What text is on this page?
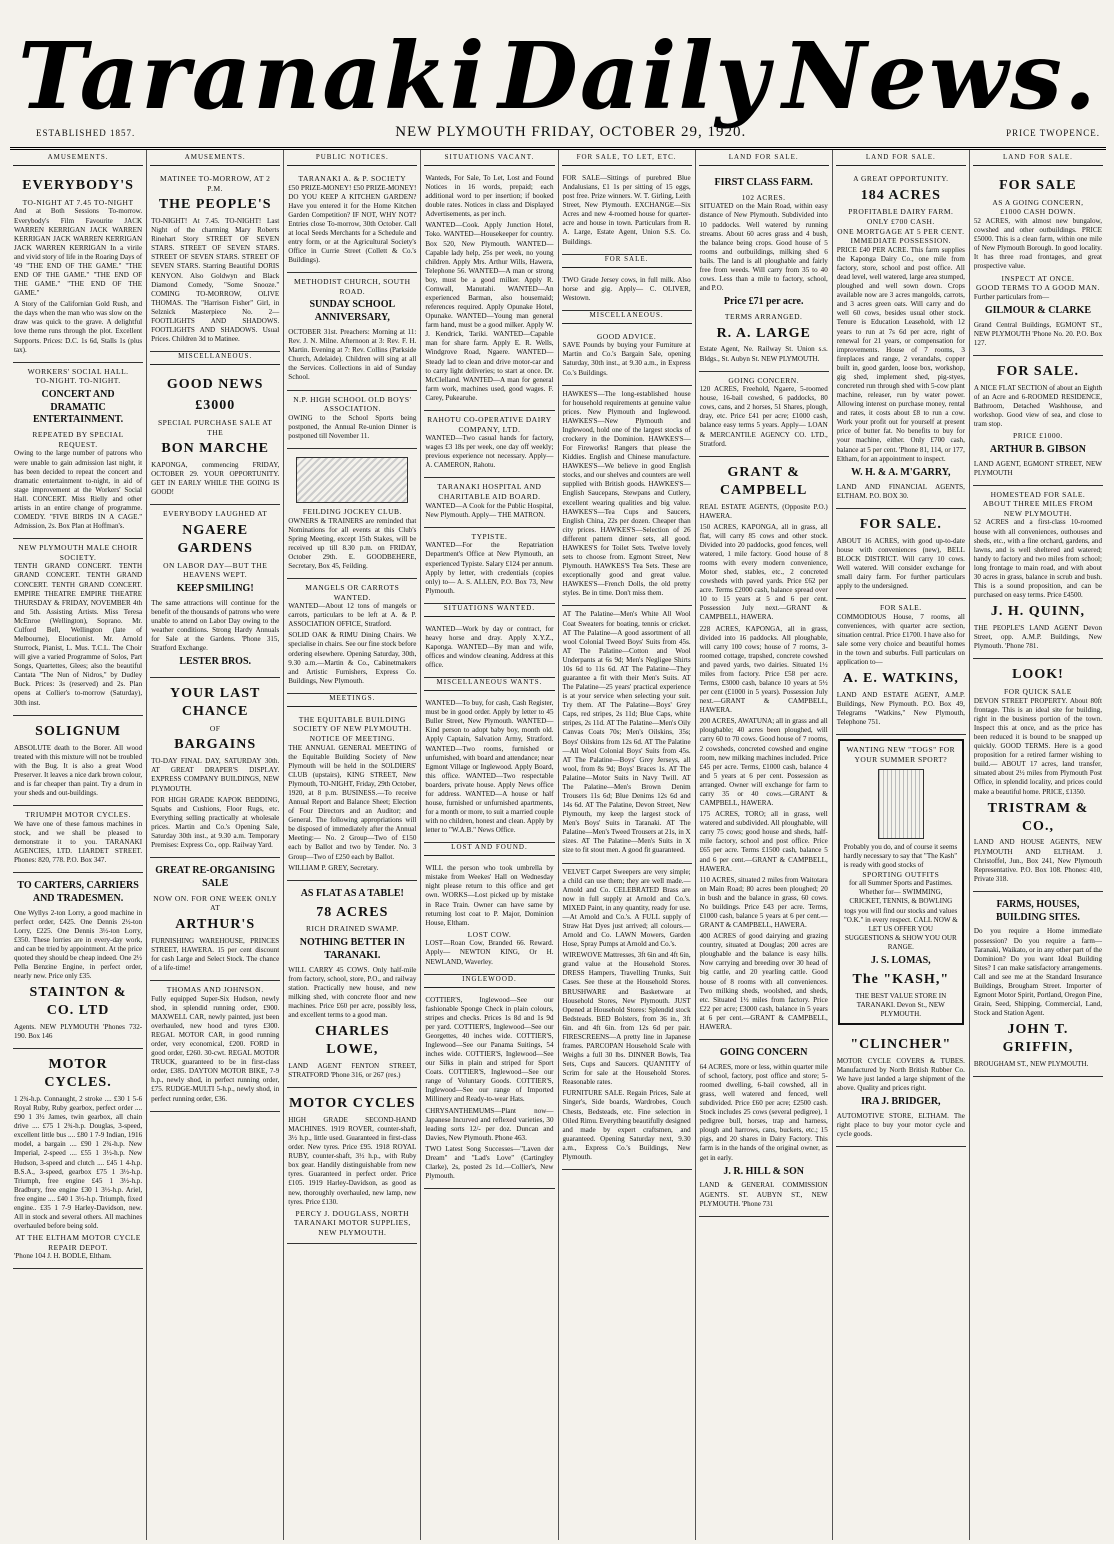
Taranaki Daily News.
ESTABLISHED 1857.	NEW PLYMOUTH FRIDAY, OCTOBER 29, 1920.	PRICE TWOPENCE.
AMUSEMENTS.
EVERYBODY'S
TO-NIGHT AT 7.45 TO-NIGHT

And at Both Sessions To-morrow. Everybody's Film Favourite JACK WARREN KERRIGAN JACK WARREN KERRIGAN JACK WARREN KERRIGAN JACK WARREN KERRIGAN In a virile and vivid story of life in the Roaring Days of '49 "THE END OF THE GAME." "THE END OF THE GAME." "THE END OF THE GAME." "THE END OF THE GAME."

A Story of the Californian Gold Rush, and the days when the man who was slow on the draw was quick to the grave. A delightful love theme runs through the plot. Excellent Supports. Prices: D.C. 1s 6d, Stalls 1s (plus tax).

WORKERS' SOCIAL HALL.
TO-NIGHT. TO-NIGHT.
CONCERT AND DRAMATIC ENTERTAINMENT.
REPEATED BY SPECIAL REQUEST.

Owing to the large number of patrons who were unable to gain admission last night, it has been decided to repeat the concert and dramatic entertainment to-night, in aid of stage improvement at the Workers' Social Hall. CONCERT. Miss Rielly and other artists in an entire change of programme. COMEDY. "FIVE BIRDS IN A CAGE." Admission, 2s. Box Plan at Hoffman's.

NEW PLYMOUTH MALE CHOIR SOCIETY.

TENTH GRAND CONCERT. TENTH GRAND CONCERT. TENTH GRAND CONCERT. TENTH GRAND CONCERT. EMPIRE THEATRE EMPIRE THEATRE THURSDAY & FRIDAY, NOVEMBER 4th and 5th. Assisting Artists. Miss Teresa McEnroe (Wellington), Soprano. Mr. Culford Bell, Wellington (late of Melbourne), Elocutionist. Mr. Arnold Sturrock, Pianist, L. Mus. T.C.L. The Choir will give a varied Programme of Solos, Part Songs, Quartettes, Glees; also the beautiful Cantata "The Nun of Nidros," by Dudley Buck. Prices: 3s (reserved) and 2s. Plan opens at Collier's to-morrow (Saturday), 30th inst.

SOLIGNUM

ABSOLUTE death to the Borer. All wood treated with this mixture will not be troubled with the Bug. It is also a great Wood Preserver. It leaves a nice dark brown colour, and is far cheaper than paint. Try a drum in your sheds and out-buildings.

TRIUMPH MOTOR CYCLES.

We have one of these famous machines in stock, and we shall be pleased to demonstrate it to you. TARANAKI AGENCIES, LTD. LIARDET STREET. Phones: 820, 778. P.O. Box 347.

TO CARTERS, CARRIERS AND TRADESMEN.

One Wyllys 2-ton Lorry, a good machine in perfect order, £425. One Dennis 2½-ton Lorry, £225. One Dennis 3½-ton Lorry, £350. These lorries are in every-day work, and can be tried by appointment. At the price quoted they should be cheap indeed. One 2½ Pella Benzine Engine, in perfect order, nearly new. Price only £35.

STAINTON & CO. LTD

Agents. NEW PLYMOUTH 'Phones 732-190. Box 146

MOTOR CYCLES.

1 2¾-h.p. Connaught, 2 stroke .... £30 1 5-6 Royal Ruby, Ruby gearbox, perfect order .... £90 1 3½ James, twin gearbox, all chain drive .... £75 1 2¾-h.p. Douglas, 3-speed, excellent little bus .... £80 1 7-9 Indian, 1916 model, a bargain .... £90 1 2¾-h.p. New Imperial, 2-speed .... £55 1 3½-h.p. New Hudson, 3-speed and clutch .... £45 1 4-h.p. B.S.A., 3-speed, gearbox £75 1 3½-h.p. Triumph, free engine £45 1 3½-h.p. Bradbury, free engine £30 1 3½-h.p. Ariel, free engine .... £40 1 3½-h.p. Triumph, fixed engine.. £35 1 7-9 Harley-Davidson, new. All in stock and several others. All machines overhauled before being sold.

AT THE ELTHAM MOTOR CYCLE REPAIR DEPOT.

'Phone 104 J. H. BODLE, Eltham.

AMUSEMENTS.
MATINEE TO-MORROW, AT 2 P.M.
THE PEOPLE'S

TO-NIGHT! At 7.45. TO-NIGHT! Last Night of the charming Mary Roberts Rinehart Story STREET OF SEVEN STARS. STREET OF SEVEN STARS. STREET OF SEVEN STARS. STREET OF SEVEN STARS. Starring Beautiful DORIS KENYON. Also Goldwyn and Black Diamond Comedy, "Some Snooze." COMING TO-MORROW, OLIVE THOMAS. The "Harrison Fisher" Girl, in Selznick Masterpiece No. 2— FOOTLIGHTS AND SHADOWS. FOOTLIGHTS AND SHADOWS. Usual Prices. Children 3d to Matinee.

MISCELLANEOUS.
GOOD NEWS
£3000
SPECIAL PURCHASE SALE AT THE
BON MARCHE

KAPONGA, commencing FRIDAY, OCTOBER 29. YOUR OPPORTUNITY. GET IN EARLY WHILE THE GOING IS GOOD!

EVERYBODY LAUGHED AT
NGAERE GARDENS
ON LABOR DAY—BUT THE HEAVENS WEPT.
KEEP SMILING!

The same attractions will continue for the benefit of the thousands of patrons who were unable to attend on Labor Day owing to the weather conditions. Strong Hardy Annuals for Sale at the Gardens. 'Phone 315, Stratford Exchange.

LESTER BROS.
YOUR LAST CHANCE
OF
BARGAINS

TO-DAY FINAL DAY, SATURDAY 30th. AT GREAT DRAPER'S DISPLAY. EXPRESS COMPANY BUILDINGS, NEW PLYMOUTH.

FOR HIGH GRADE KAPOK BEDDING, Squabs and Cushions, Floor Rugs, etc. Everything selling practically at wholesale prices. Martin and Co.'s Opening Sale, Saturday 30th inst., at 9.30 a.m. Temporary Premises: Express Co., opp. Railway Yard.

GREAT RE-ORGANISING SALE
NOW ON. FOR ONE WEEK ONLY AT
ARTHUR'S

FURNISHING WAREHOUSE, PRINCES STREET, HAWERA. 15 per cent discount for cash Large and Select Stock. The chance of a life-time!

THOMAS AND JOHNSON.

Fully equipped Super-Six Hudson, newly shod, in splendid running order, £900. MAXWELL CAR, newly painted, just been overhauled, new hood and tyres £300. REGAL MOTOR CAR, in good running order, very economical, £200. FORD in good order, £260. 30-cwt. REGAL MOTOR TRUCK, guaranteed to be in first-class order, £385. DAYTON MOTOR BIKE, 7-9 h.p., newly shod, in perfect running order, £75. RUDGE-MULTI 5-h.p., newly shod, in perfect running order, £36.

PUBLIC NOTICES.
TARANAKI A. & P. SOCIETY

£50 PRIZE-MONEY! £50 PRIZE-MONEY! DO YOU KEEP A KITCHEN GARDEN? Have you entered it for the Home Kitchen Garden Competition? IF NOT, WHY NOT? Entries close To-morrow, 30th October. Call at local Seeds Merchants for a Schedule and entry form, or at the Agricultural Society's Office in Currie Street (Collett & Co.'s Buildings).

METHODIST CHURCH, SOUTH ROAD.
SUNDAY SCHOOL ANNIVERSARY,

OCTOBER 31st. Preachers: Morning at 11: Rev. J. N. Milne. Afternoon at 3: Rev. F. H. Martin. Evening at 7: Rev. Collins (Parkside Church, Adelaide). Children will sing at all the Services. Collections in aid of Sunday School.

N.P. HIGH SCHOOL OLD BOYS' ASSOCIATION.

OWING to the School Sports being postponed, the Annual Re-union Dinner is postponed till November 11.

FEILDING JOCKEY CLUB.

OWNERS & TRAINERS are reminded that Nominations for all events at this Club's Spring Meeting, except 15th Stakes, will be received up till 8.30 p.m. on FRIDAY, October 29th. E. GOODBEHERE, Secretary, Box 45, Feilding.

MANGELS OR CARROTS WANTED.

WANTED—About 12 tons of mangels or carrots, particulars to be left at A. & P. ASSOCIATION OFFICE, Stratford.

SOLID OAK & RIMU Dining Chairs. We specialise in chairs. See our fine stock before ordering elsewhere. Opening Saturday, 30th, 9.30 a.m.—Martin & Co., Cabinetmakers and Artistic Furnishers, Express Co. Buildings, New Plymouth.

MEETINGS.
THE EQUITABLE BUILDING SOCIETY OF NEW PLYMOUTH.
NOTICE OF MEETING.

THE ANNUAL GENERAL MEETING of the Equitable Building Society of New Plymouth will be held in the SOLDIERS' CLUB (upstairs), KING STREET, New Plymouth, TO-NIGHT, Friday, 29th October, 1920, at 8 p.m. BUSINESS.—To receive Annual Report and Balance Sheet; Election of Four Directors and an Auditor; and General. The following appropriations will be disposed of immediately after the Annual Meeting:— No. 2 Group—Two of £150 each by Ballot and two by Tender. No. 3 Group—Two of £250 each by Ballot.

WILLIAM P. GREY, Secretary.

AS FLAT AS A TABLE!
78 ACRES
RICH DRAINED SWAMP.
NOTHING BETTER IN TARANAKI.

WILL CARRY 45 COWS. Only half-mile from factory, school, store, P.O., and railway station. Practically new house, and new milking shed, with concrete floor and new machines. Price £60 per acre, possibly less, and excellent terms to a good man.

CHARLES LOWE,

LAND AGENT FENTON STREET, STRATFORD 'Phone 316, or 267 (res.)

MOTOR CYCLES

HIGH GRADE SECOND-HAND MACHINES. 1919 ROVER, counter-shaft, 3½ h.p., little used. Guaranteed in first-class order. New tyres. Price £95. 1918 ROYAL RUBY, counter-shaft, 3½ h.p., with Ruby box gear. Handily distinguishable from new tyres. Guaranteed in perfect order. Price £105. 1919 Harley-Davidson, as good as new, thoroughly overhauled, new lamp, new tyres. Price £130.

PERCY J. DOUGLASS, NORTH TARANAKI MOTOR SUPPLIES, NEW PLYMOUTH.
SITUATIONS VACANT.

Wanteds, For Sale, To Let, Lost and Found Notices in 16 words, prepaid; each additional word to per insertion; if booked double rates. Notices in class and Displayed Advertisements, as per inch.

WANTED—Cook. Apply Junction Hotel, Toko. WANTED—Housekeeper for country. Box 520, New Plymouth. WANTED—Capable lady help, 25s per week, no young children. Apply Mrs. Arthur Wills, Hawera, Telephone 56. WANTED—A man or strong boy, must be a good milker. Apply R. Cornwall, Manutahi. WANTED—An experienced Barman, also housemaid; references required. Apply Opunake Hotel, Opunake. WANTED—Young man general farm hand, must be a good milker. Apply W. J. Kendrick, Tariki. WANTED—Capable man for share farm. Apply E. R. Wells, Windgrove Road, Ngaere. WANTED—Steady lad to clean and drive motor-car and to carry light deliveries; to start at once. Dr. McClelland. WANTED—A man for general farm work, machines used, good wages. F. Carey, Pukearuhe.

RAHOTU CO-OPERATIVE DAIRY COMPANY, LTD.

WANTED—Two casual hands for factory, wages £3 18s per week, one day off weekly; previous experience not necessary. Apply— A. CAMERON, Rahotu.

TARANAKI HOSPITAL AND CHARITABLE AID BOARD.

WANTED—A Cook for the Public Hospital, New Plymouth. Apply— THE MATRON.

TYPISTE.

WANTED—For the Repatriation Department's Office at New Plymouth, an experienced Typiste. Salary £124 per annum. Apply by letter, with credentials (copies only) to— A. S. ALLEN, P.O. Box 73, New Plymouth.

SITUATIONS WANTED.

WANTED—Work by day or contract, for heavy horse and dray. Apply X.Y.Z., Kaponga. WANTED—By man and wife, offices and window cleaning. Address at this office.

MISCELLANEOUS WANTS.

WANTED—To buy, for cash, Cash Register, must be in good order. Apply by letter to 45 Buller Street, New Plymouth. WANTED—Kind person to adopt baby boy, month old. Apply Captain, Salvation Army, Stratford. WANTED—Two rooms, furnished or unfurnished, with board and attendance; near Egmont Village or Inglewood. Apply Board, this office. WANTED—Two respectable boarders, private house. Apply News office for address. WANTED—A house or half house, furnished or unfurnished apartments, for a month or more, to suit a married couple with no children, honest and clean. Apply by letter to "W.A.B." News Office.

LOST AND FOUND.

WILL the person who took umbrella by mistake from Weekes' Hall on Wednesday night please return to this office and get own. WORKS—Lost picked up by mistake in Race Train. Owner can have same by returning lost coat to P. Major, Dominion House, Eltham.

LOST COW.

LOST—Roan Cow, Branded 66. Reward. Apply— NEWTON KING, Or H. NEWLAND, Waverley.

INGLEWOOD.

COTTIER'S, Inglewood—See our fashionable Sponge Check in plain colours, stripes and checks. Prices 1s 8d and 1s 9d per yard. COTTIER'S, Inglewood—See our Georgettes, 40 inches wide. COTTIER'S, Inglewood—See our Panama Suitings, 54 inches wide. COTTIER'S, Inglewood—See our Silks in plain and striped for Sport Coats. COTTIER'S, Inglewood—See our range of Voluntary Goods. COTTIER'S, Inglewood—See our range of Imported Millinery and Ready-to-wear Hats.

CHRYSANTHEMUMS—Plant now—Japanese Incurved and reflexed varieties, 30 leading sorts 12/- per doz. Duncan and Davies, New Plymouth. Phone 463.

TWO Latest Song Successes—"Laven der Dream" and "Lad's Love" (Cartingley Clarke), 2s, posted 2s 1d.—Collier's, New Plymouth.

FOR SALE, TO LET, ETC.

FOR SALE—Sittings of purebred Blue Andalusians, £1 1s per sitting of 15 eggs, post free. Prize winners. W. T. Girling, Leith Street, New Plymouth. EXCHANGE—Six Acres and new 4-roomed house for quarter-acre and house in town. Particulars from R. A. Large, Estate Agent, Union S.S. Co. Buildings.

FOR SALE.

TWO Grade Jersey cows, in full milk. Also horse and gig. Apply— C. OLIVER, Westown.

MISCELLANEOUS.
GOOD ADVICE.

SAVE Pounds by buying your Furniture at Martin and Co.'s Bargain Sale, opening Saturday, 30th inst., at 9.30 a.m., in Express Co.'s Buildings.

HAWKES'S—The long-established house for household requirements at genuine value prices. New Plymouth and Inglewood. HAWKES'S—New Plymouth and Inglewood, hold one of the largest stocks of crockery in the Dominion. HAWKES'S—For Fireworks! Rangers that please the Kiddies. English and Chinese manufacture. HAWKES'S—We believe in good English stocks, and our shelves and counters are well supplied with British goods. HAWKES'S—English Saucepans, Stewpans and Cutlery, excellent wearing qualities and big value. HAWKES'S—Tea Cups and Saucers, English China, 22s per dozen. Cheaper than city prices. HAWKES'S—Selection of 26 different pattern dinner sets, all good. HAWKES'S for Toilet Sets. Twelve lovely sets to choose from. Egmont Street, New Plymouth. HAWKES'S Tea Sets. These are exceptionally good and great value. HAWKES'S—French Dolls, the old pretty styles. Be in time. Don't miss them.

AT The Palatine—Men's White All Wool Coat Sweaters for boating, tennis or cricket. AT The Palatine—A good assortment of all wool Colonial Tweed Boys' Suits from 45s. AT The Palatine—Cotton and Wool Underpants at 6s 9d; Men's Negligee Shirts 10s 6d to 11s 6d. AT The Palatine—They guarantee a fit with their Men's Suits. AT The Palatine—25 years' practical experience is at your service when selecting your suit. Try them. AT The Palatine—Boys' Grey Caps, red stripes, 2s 11d; Blue Caps, white stripes, 2s 11d. AT The Palatine—Men's Oily Canvas Coats 70s; Men's Oilskins, 35s; Boys' Oilskins from 12s 6d. AT The Palatine—All Wool Colonial Boys' Suits from 45s. AT The Palatine—Boys' Grey Jerseys, all wool, from 8s 9d; Boys' Braces 1s. AT The Palatine—Motor Suits in Navy Twill. AT The Palatine—Men's Brown Denim Trousers 11s 6d; Blue Denims 12s 6d and 14s 6d. AT The Palatine, Devon Street, New Plymouth, my keep the largest stock of Men's Boys' Suits in Taranaki. AT The Palatine—Men's Tweed Trousers at 21s, in X sizes. AT The Palatine—Men's Suits in X size to fit stout men. A good fit guaranteed.

VELVET Carpet Sweepers are very simple; a child can use them; they are well made.—Arnold and Co. CELEBRATED Brass are now in full supply at Arnold and Co.'s. MIXED Paint, in any quantity, ready for use.—At Arnold and Co.'s. A FULL supply of Straw Hat Dyes just arrived; all colours.—Arnold and Co. LAWN Mowers, Garden Hose, Spray Pumps at Arnold and Co.'s.

WIREWOVE Mattresses, 3ft 6in and 4ft 6in, grand value at the Household Stores. DRESS Hampers, Travelling Trunks, Suit Cases. See these at the Household Stores. BRUSHWARE and Basketware at Household Stores, New Plymouth. JUST Opened at Household Stores: Splendid stock Bedsteads. BED Bolsters, from 36 in., 3ft 6in. and 4ft 6in. from 12s 6d per pair. FIRESCREENS—A pretty line in Japanese frames. PARCOPAN Household Scale with Weighs a full 30 lbs. DINNER Bowls, Tea Sets, Cups and Saucers. QUANTITY of Scrim for sale at the Household Stores. Reasonable rates.

FURNITURE SALE. Regain Prices, Sale at Singer's, Side boards, Wardrobes, Couch Chests, Bedsteads, etc. Fine selection in Oiled Rimu. Everything beautifully designed and made by expert craftsmen, and guaranteed. Opening Saturday next, 9.30 a.m., Express Co.'s Buildings, New Plymouth.

LAND FOR SALE.
FIRST CLASS FARM.
102 ACRES.

SITUATED on the Main Road, within easy distance of New Plymouth. Subdivided into 10 paddocks. Well watered by running streams. About 60 acres grass and 4 bush, the balance being crops. Good house of 5 rooms and outbuildings, milking shed 6 bails. The land is all ploughable and fairly free from weeds. Will carry from 35 to 40 cows. Less than a mile to factory, school, and P.O.

Price £71 per acre.
TERMS ARRANGED.
R. A. LARGE

Estate Agent, Ne. Railway St. Union s.s. Bldgs., St. Aubyn St. NEW PLYMOUTH.

GOING CONCERN.

120 ACRES, Freehold, Ngaere, 5-roomed house, 16-bail cowshed, 6 paddocks, 80 cows, cans, and 2 horses, 51 Shares, plough, dray, etc. Price £41 per acre; £1000 cash, balance easy terms 5 years. Apply— LOAN & MERCANTILE AGENCY CO. LTD., Stratford.

GRANT & CAMPBELL

REAL ESTATE AGENTS, (Opposite P.O.) HAWERA.

150 ACRES, KAPONGA, all in grass, all flat, will carry 85 cows and other stock. Divided into 20 paddocks, good fences, well watered, 1 mile factory. Good house of 8 rooms with every modern convenience, Motor shed, stables, etc., 2 concreted cowsheds with paved yards. Price £62 per acre. Terms £2000 cash, balance spread over 10 to 15 years at 5 and 6 per cent. Possession July next.—GRANT & CAMPBELL, HAWERA.

228 ACRES, KAPONGA, all in grass, divided into 16 paddocks. All ploughable, will carry 100 cows; house of 7 rooms, 3-roomed cottage, trapshed, concrete cowshed and paved yards, two dairies. Situated 1½ miles from factory. Price £58 per acre. Terms, £3000 cash, balance 10 years at 5½ per cent (£1000 in 5 years). Possession July next.—GRANT & CAMPBELL, HAWERA.

200 ACRES, AWATUNA; all in grass and all ploughable; 40 acres been ploughed, will carry 60 to 70 cows. Good house of 7 rooms, 2 cowsheds, concreted cowshed and engine room, new milking machines included. Price £45 per acre. Terms, £1000 cash, balance 4 and 5 years at 6 per cent. Possession as arranged. Owner will exchange for farm to carry 35 or 40 cows.—GRANT & CAMPBELL, HAWERA.

175 ACRES, TORO; all in grass, well watered and subdivided. All ploughable, will carry 75 cows; good house and sheds, half-mile factory, school and post office. Price £65 per acre. Terms £1500 cash, balance 5 and 6 per cent.—GRANT & CAMPBELL, HAWERA.

110 ACRES, situated 2 miles from Waitotara on Main Road; 80 acres been ploughed; 20 in bush and the balance in grass, 60 cows. No buildings. Price £43 per acre. Terms, £1000 cash, balance 5 years at 6 per cent.—GRANT & CAMPBELL, HAWERA.

400 ACRES of good dairying and grazing country, situated at Douglas; 200 acres are ploughable and the balance is easy hills. Now carrying and breeding over 30 head of big cattle, and 20 yearling cattle. Good house of 8 rooms with all conveniences. Two milking sheds, woolshed, and sheds, etc. Situated 1½ miles from factory. Price £22 per acre; £3000 cash, balance in 5 years at 6 per cent.—GRANT & CAMPBELL, HAWERA.

GOING CONCERN

64 ACRES, more or less, within quarter mile of school, factory, post office and store; 5-roomed dwelling, 6-bail cowshed, all in grass, well watered and fenced, well subdivided. Price £60 per acre; £2500 cash. Stock includes 25 cows (several pedigree), 1 pedigree bull, horses, trap and harness, plough and harrows, cans, buckets, etc.; 15 pigs, and 20 shares in Dairy Factory. This farm is in the hands of the original owner, as get in early.

J. R. HILL & SON

LAND & GENERAL COMMISSION AGENTS. ST. AUBYN ST., NEW PLYMOUTH. 'Phone 731

LAND FOR SALE.
A GREAT OPPORTUNITY.
184 ACRES
PROFITABLE DAIRY FARM. ONLY £700 CASH.
ONE MORTGAGE AT 5 PER CENT. IMMEDIATE POSSESSION.

PRICE £40 PER ACRE. This farm supplies the Kaponga Dairy Co., one mile from factory, store, school and post office. All dead level, well watered, large area stumped, ploughed and well sown down. Crops available now are 3 acres mangolds, carrots, and 3 acres green oats. Will carry and do well 60 cows, besides usual other stock. Tenure is Education Leasehold, with 12 years to run at 7s 6d per acre, right of renewal for 21 years, or compensation for improvements. House of 7 rooms, 3 fireplaces and range, 2 verandahs, copper built in, good garden, loose box, workshop, gig shed, implement shed, pig-styes, concreted run through shed with 5-cow plant machine, releaser, run by water power. Allowing interest on purchase money, rental and rates, it costs about £8 to run a cow. Work your profit out for yourself at present price of butter fat. No benefits to buy for your machine, either. Only £700 cash, balance at 5 per cent. 'Phone 81, 114, or 177, Eltham, for an appointment to inspect.

W. H. & A. M'GARRY,

LAND AND FINANCIAL AGENTS, ELTHAM. P.O. BOX 30.

FOR SALE.

ABOUT 16 ACRES, with good up-to-date house with conveniences (new), BELL BLOCK DISTRICT. Will carry 10 cows. Well watered. Will consider exchange for small dairy farm. For further particulars apply to the undersigned.

FOR SALE.

COMMODIOUS House, 7 rooms, all conveniences, with quarter acre section, situation central. Price £1700. I have also for sale some very choice and beautiful homes in the town and suburbs. Full particulars on application to—

A. E. WATKINS,

LAND AND ESTATE AGENT, A.M.P. Buildings, New Plymouth. P.O. Box 49, Telegrams "Watkins," New Plymouth, Telephone 751.

WANTING NEW "TOGS" FOR YOUR SUMMER SPORT?

Probably you do, and of course it seems hardly necessary to say that "The Kash" is ready with good stocks of

SPORTING OUTFITS

for all Summer Sports and Pastimes. Whether for— SWIMMING, CRICKET, TENNIS, & BOWLING togs you will find our stocks and values "O.K." in every respect. CALL NOW & LET US OFFER YOU SUGGESTIONS & SHOW YOU OUR RANGE.

J. S. LOMAS,
The "KASH,"

THE BEST VALUE STORE IN TARANAKI. Devon St., NEW PLYMOUTH.

"CLINCHER"

MOTOR CYCLE COVERS & TUBES. Manufactured by North British Rubber Co. We have just landed a large shipment of the above. Quality and prices right.

IRA J. BRIDGER,

AUTOMOTIVE STORE, ELTHAM. The right place to buy your motor cycle and cycle goods.

LAND FOR SALE.
FOR SALE
AS A GOING CONCERN,
£1000 CASH DOWN.

52 ACRES, with almost new bungalow, cowshed and other outbuildings. PRICE £5000. This is a clean farm, within one mile of New Plymouth Borough. In good locality. It has three road frontages, and great prospective value.

INSPECT AT ONCE.
GOOD TERMS TO A GOOD MAN.

Further particulars from—

GILMOUR & CLARKE

Grand Central Buildings, EGMONT ST., NEW PLYMOUTH 'Phone No. 20. P.O. Box 127.

FOR SALE.

A NICE FLAT SECTION of about an Eighth of an Acre and 6-ROOMED RESIDENCE, Bathroom, Detached Washhouse, and workshop. Good view of sea, and close to tram stop.

PRICE £1000.
ARTHUR B. GIBSON

LAND AGENT, EGMONT STREET, NEW PLYMOUTH

HOMESTEAD FOR SALE.
ABOUT THREE MILES FROM NEW PLYMOUTH.

52 ACRES and a first-class 10-roomed house with all conveniences, outhouses and sheds, etc., with a fine orchard, gardens, and lawns, and is well sheltered and watered; handy to factory and two miles from school; long frontage to main road, and with about 30 acres in grass, balance in scrub and bush. This is a sound proposition, and can be purchased on easy terms. Price £4500.

J. H. QUINN,

THE PEOPLE'S LAND AGENT Devon Street, opp. A.M.P. Buildings, New Plymouth. 'Phone 781.

LOOK!
FOR QUICK SALE

DEVON STREET PROPERTY. About 80ft frontage. This is an ideal site for building, right in the business portion of the town. Inspect this at once, and as the price has been reduced it is bound to be snapped up quickly. GOOD TERMS. Here is a good proposition for a retired farmer wishing to build.— ABOUT 17 acres, land transfer, situated about 2½ miles from Plymouth Post Office, in splendid locality, and prices could make a beautiful home. PRICE, £1350.

TRISTRAM & CO.,

LAND AND HOUSE AGENTS, NEW PLYMOUTH AND ELTHAM. J. Christoffel, Jun., Box 241, New Plymouth Representative. P.O. Box 108. Phones: 410, Private 318.

FARMS, HOUSES, BUILDING SITES.

Do you require a Home immediate possession? Do you require a farm—Taranaki, Waikato, or in any other part of the Dominion? Do you want Ideal Building Sites? I can make satisfactory arrangements. Call and see me at the Standard Insurance Buildings, Brougham Street. Importer of Egmont Motor Spirit, Portland, Oregon Pine, Grain, Seed, Shipping, Commercial, Land, Stock and Station Agent.

JOHN T. GRIFFIN,

BROUGHAM ST., NEW PLYMOUTH.
